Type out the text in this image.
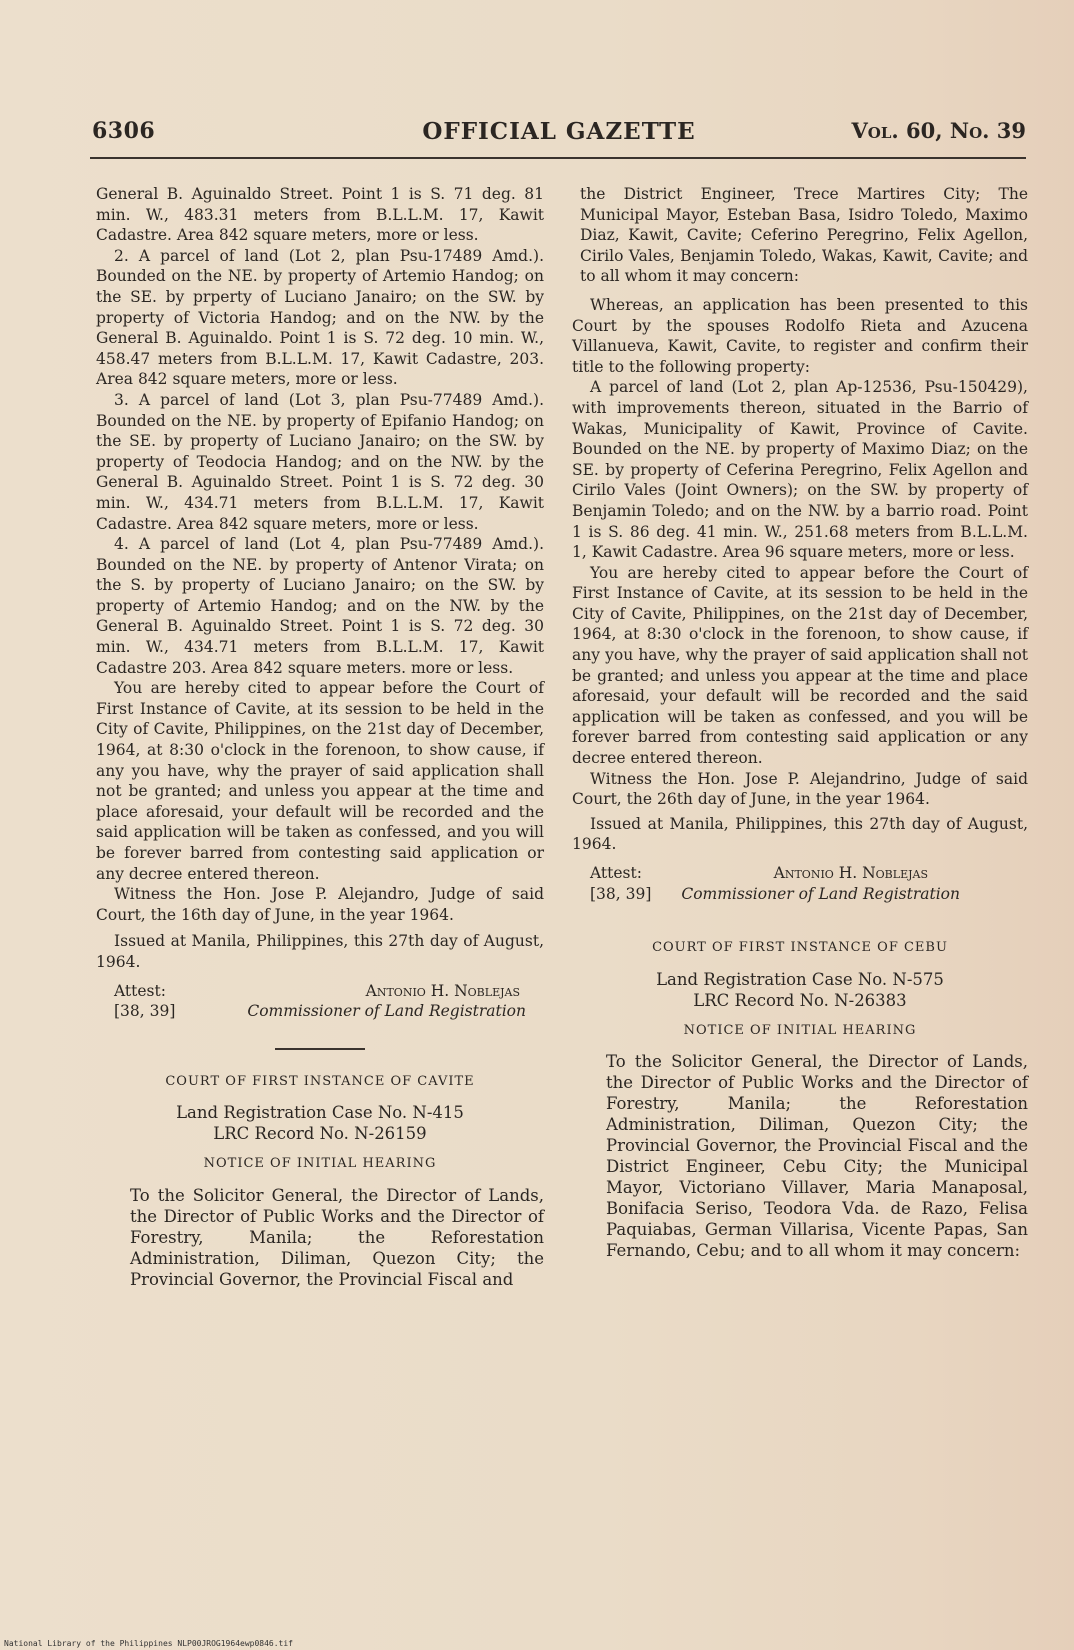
6306	OFFICIAL GAZETTE	Vol. 60, No. 39

General B. Aguinaldo Street. Point 1 is S. 71 deg. 81 min. W., 483.31 meters from B.L.L.M. 17, Kawit Cadastre. Area 842 square meters, more or less.

2. A parcel of land (Lot 2, plan Psu-17489 Amd.). Bounded on the NE. by property of Artemio Handog; on the SE. by prperty of Luciano Janairo; on the SW. by property of Victoria Handog; and on the NW. by the General B. Aguinaldo. Point 1 is S. 72 deg. 10 min. W., 458.47 meters from B.L.L.M. 17, Kawit Cadastre, 203. Area 842 square meters, more or less.

3. A parcel of land (Lot 3, plan Psu-77489 Amd.). Bounded on the NE. by property of Epifanio Handog; on the SE. by property of Luciano Janairo; on the SW. by property of Teodocia Handog; and on the NW. by the General B. Aguinaldo Street. Point 1 is S. 72 deg. 30 min. W., 434.71 meters from B.L.L.M. 17, Kawit Cadastre. Area 842 square meters, more or less.

4. A parcel of land (Lot 4, plan Psu-77489 Amd.). Bounded on the NE. by property of Antenor Virata; on the S. by property of Luciano Janairo; on the SW. by property of Artemio Handog; and on the NW. by the General B. Aguinaldo Street. Point 1 is S. 72 deg. 30 min. W., 434.71 meters from B.L.L.M. 17, Kawit Cadastre 203. Area 842 square meters. more or less.

You are hereby cited to appear before the Court of First Instance of Cavite, at its session to be held in the City of Cavite, Philippines, on the 21st day of December, 1964, at 8:30 o'clock in the forenoon, to show cause, if any you have, why the prayer of said application shall not be granted; and unless you appear at the time and place aforesaid, your default will be recorded and the said application will be taken as confessed, and you will be forever barred from contesting said application or any decree entered thereon.

Witness the Hon. Jose P. Alejandro, Judge of said Court, the 16th day of June, in the year 1964.

Issued at Manila, Philippines, this 27th day of August, 1964.

Attest:	Antonio H. Noblejas
[38, 39]	Commissioner of Land Registration
COURT OF FIRST INSTANCE OF CAVITE
Land Registration Case No. N-415
LRC Record No. N-26159
NOTICE OF INITIAL HEARING

To the Solicitor General, the Director of Lands, the Director of Public Works and the Director of Forestry, Manila; the Reforestation Administration, Diliman, Quezon City; the Provincial Governor, the Provincial Fiscal and

the District Engineer, Trece Martires City; The Municipal Mayor, Esteban Basa, Isidro Toledo, Maximo Diaz, Kawit, Cavite; Ceferino Peregrino, Felix Agellon, Cirilo Vales, Benjamin Toledo, Wakas, Kawit, Cavite; and to all whom it may concern:

Whereas, an application has been presented to this Court by the spouses Rodolfo Rieta and Azucena Villanueva, Kawit, Cavite, to register and confirm their title to the following property:

A parcel of land (Lot 2, plan Ap-12536, Psu-150429), with improvements thereon, situated in the Barrio of Wakas, Municipality of Kawit, Province of Cavite. Bounded on the NE. by property of Maximo Diaz; on the SE. by property of Ceferina Peregrino, Felix Agellon and Cirilo Vales (Joint Owners); on the SW. by property of Benjamin Toledo; and on the NW. by a barrio road. Point 1 is S. 86 deg. 41 min. W., 251.68 meters from B.L.L.M. 1, Kawit Cadastre. Area 96 square meters, more or less.

You are hereby cited to appear before the Court of First Instance of Cavite, at its session to be held in the City of Cavite, Philippines, on the 21st day of December, 1964, at 8:30 o'clock in the forenoon, to show cause, if any you have, why the prayer of said application shall not be granted; and unless you appear at the time and place aforesaid, your default will be recorded and the said application will be taken as confessed, and you will be forever barred from contesting said application or any decree entered thereon.

Witness the Hon. Jose P. Alejandrino, Judge of said Court, the 26th day of June, in the year 1964.

Issued at Manila, Philippines, this 27th day of August, 1964.

Attest:	Antonio H. Noblejas
[38, 39] Commissioner of Land Registration
COURT OF FIRST INSTANCE OF CEBU
Land Registration Case No. N-575
LRC Record No. N-26383
NOTICE OF INITIAL HEARING

To the Solicitor General, the Director of Lands, the Director of Public Works and the Director of Forestry, Manila; the Reforestation Administration, Diliman, Quezon City; the Provincial Governor, the Provincial Fiscal and the District Engineer, Cebu City; the Municipal Mayor, Victoriano Villaver, Maria Manaposal, Bonifacia Seriso, Teodora Vda. de Razo, Felisa Paquiabas, German Villarisa, Vicente Papas, San Fernando, Cebu; and to all whom it may concern:

National Library of the Philippines NLP00JROG1964ewp0846.tif
